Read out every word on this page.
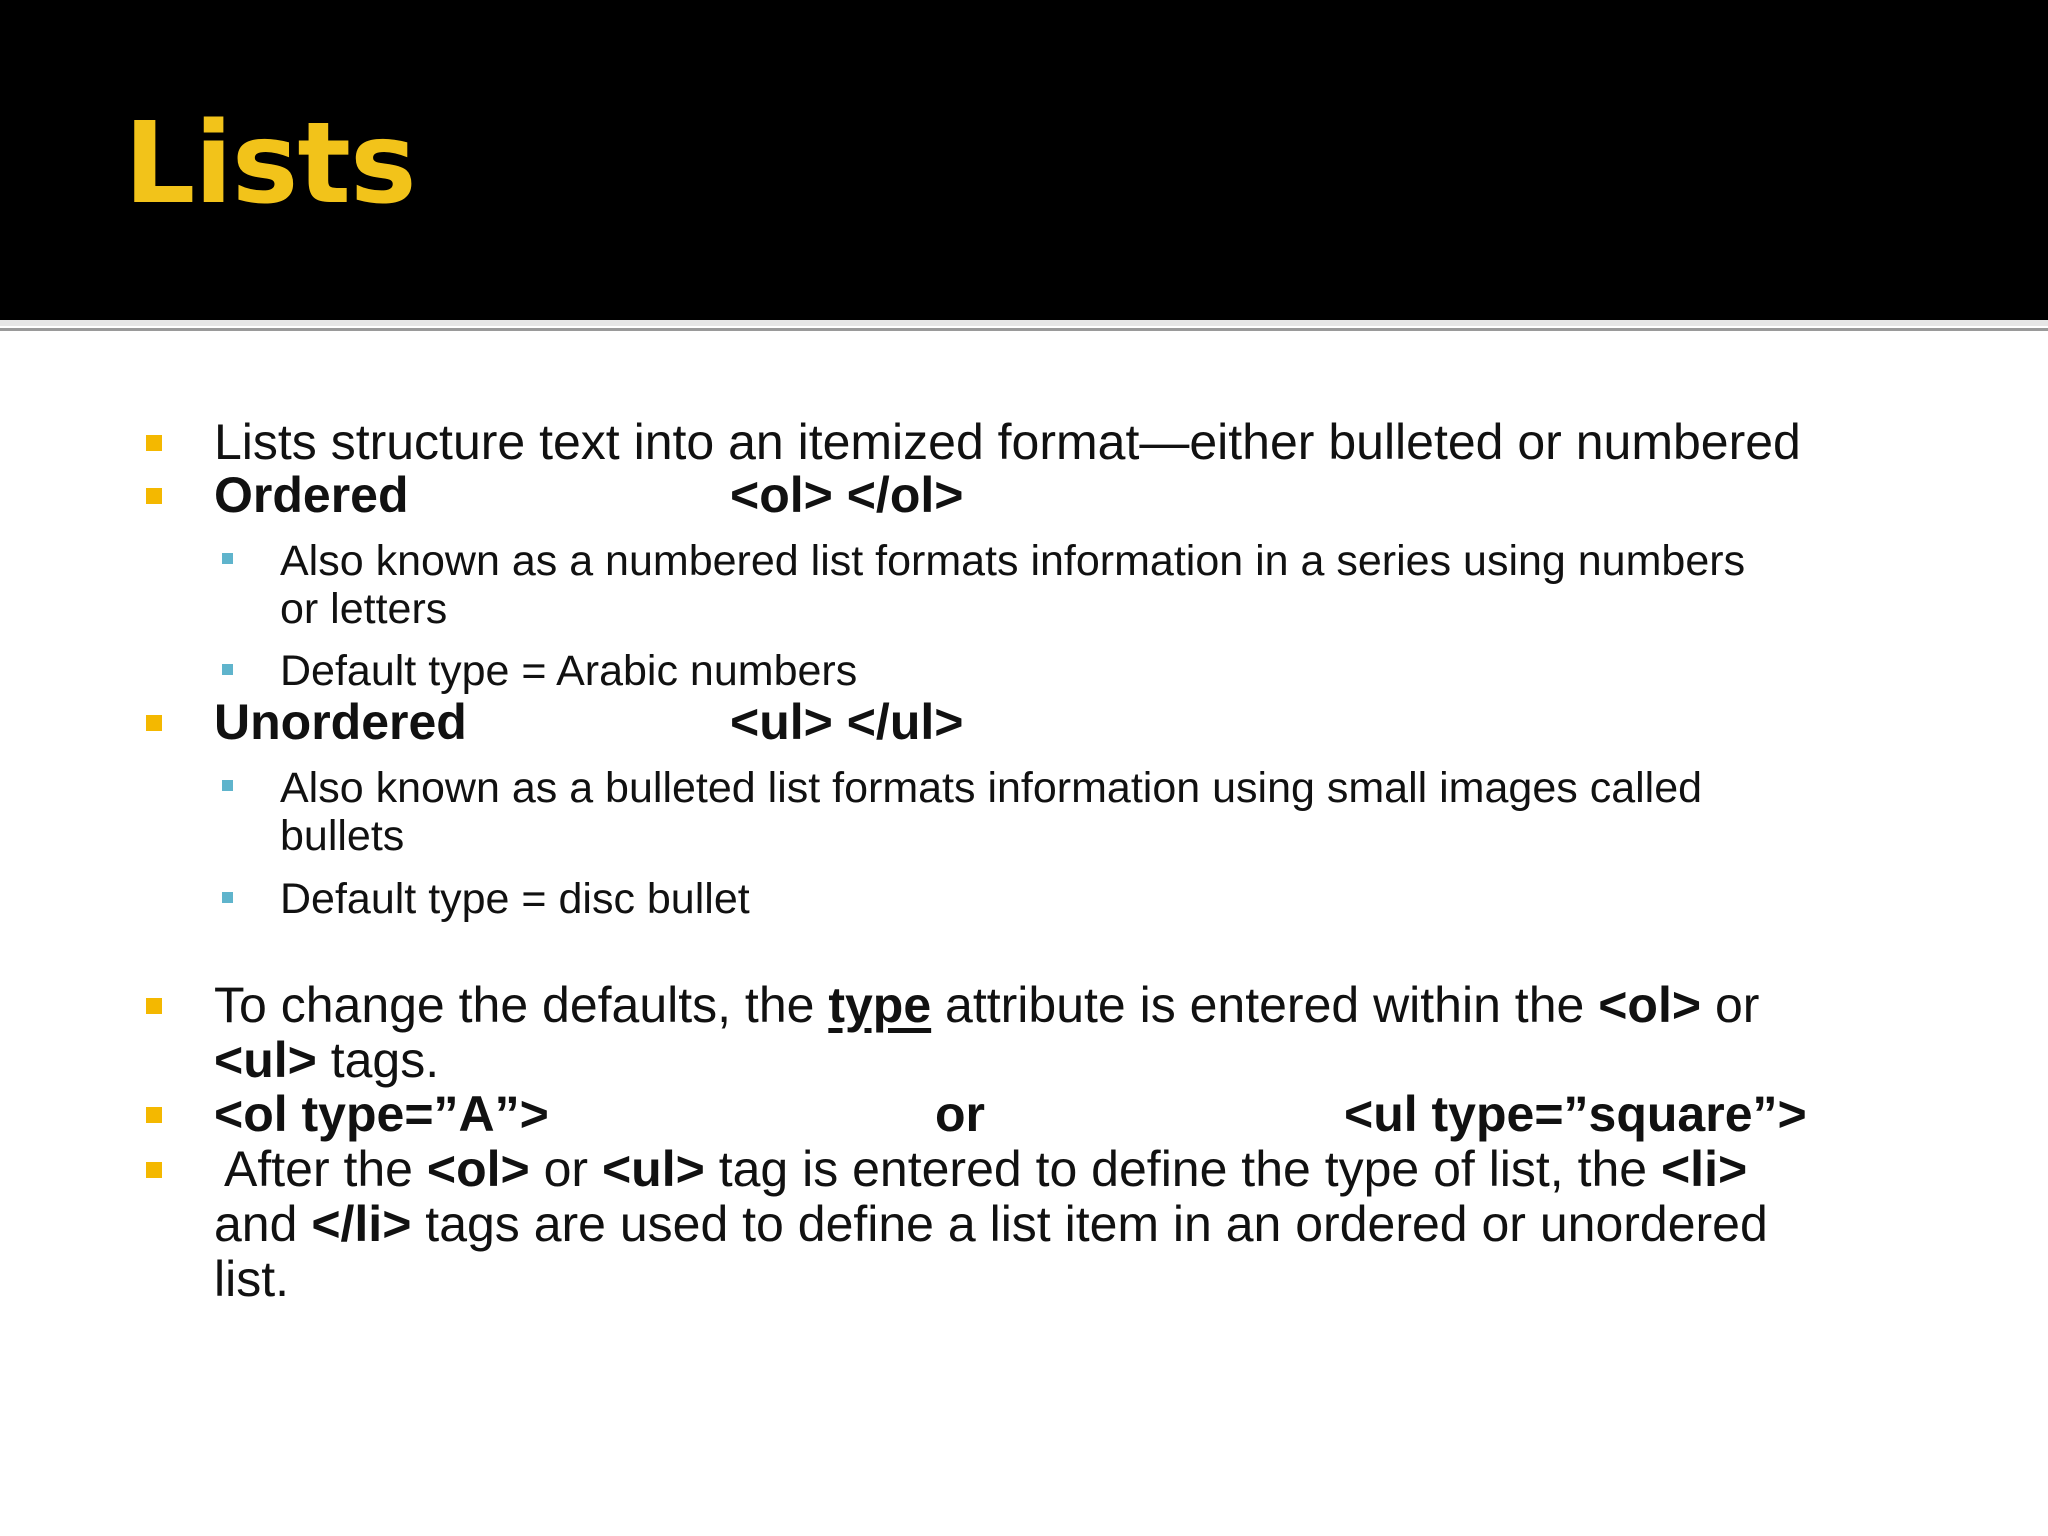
Lists
Lists structure text into an itemized format—either bulleted or numbered
Ordered	<ol> </ol>
Also known as a numbered list formats information in a series using numbers
or letters
Default type = Arabic numbers
Unordered	<ul> </ul>
Also known as a bulleted list formats information using small images called
bullets
Default type = disc bullet
To change the defaults, the type attribute is entered within the <ol> or
<ul> tags.
<ol type=”A”>	or	<ul type=”square”>
After the <ol> or <ul> tag is entered to define the type of list, the <li>
and </li> tags are used to define a list item in an ordered or unordered
list.
